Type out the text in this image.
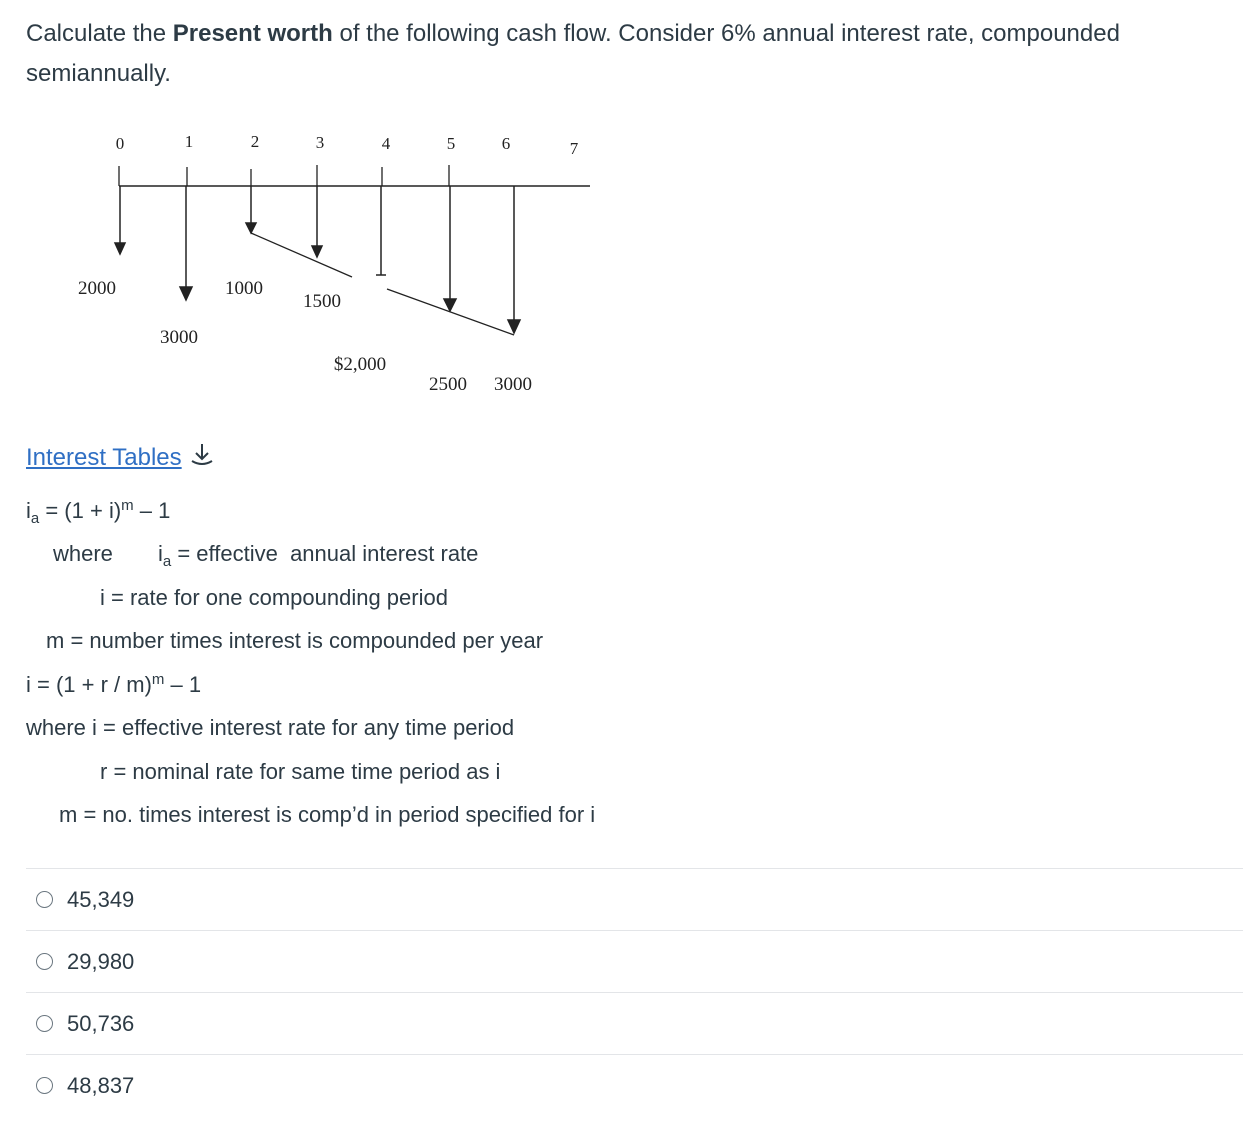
Calculate the Present worth of the following cash flow. Consider 6% annual interest rate, compounded semiannually.
0	1	2	3	4	5	6	7
2000
3000
1000
1500
$2,000
2500 3000
Interest Tables
$i_a = (1 + i)^m - 1$
where $i_a$ = effective  annual interest rate
i = rate for one compounding period
m = number times interest is compounded per year
$i = (1 + r / m)^m - 1$
where i = effective interest rate for any time period
r = nominal rate for same time period as i
m = no. times interest is comp’d in period specified for i
45,349
29,980
50,736
48,837
